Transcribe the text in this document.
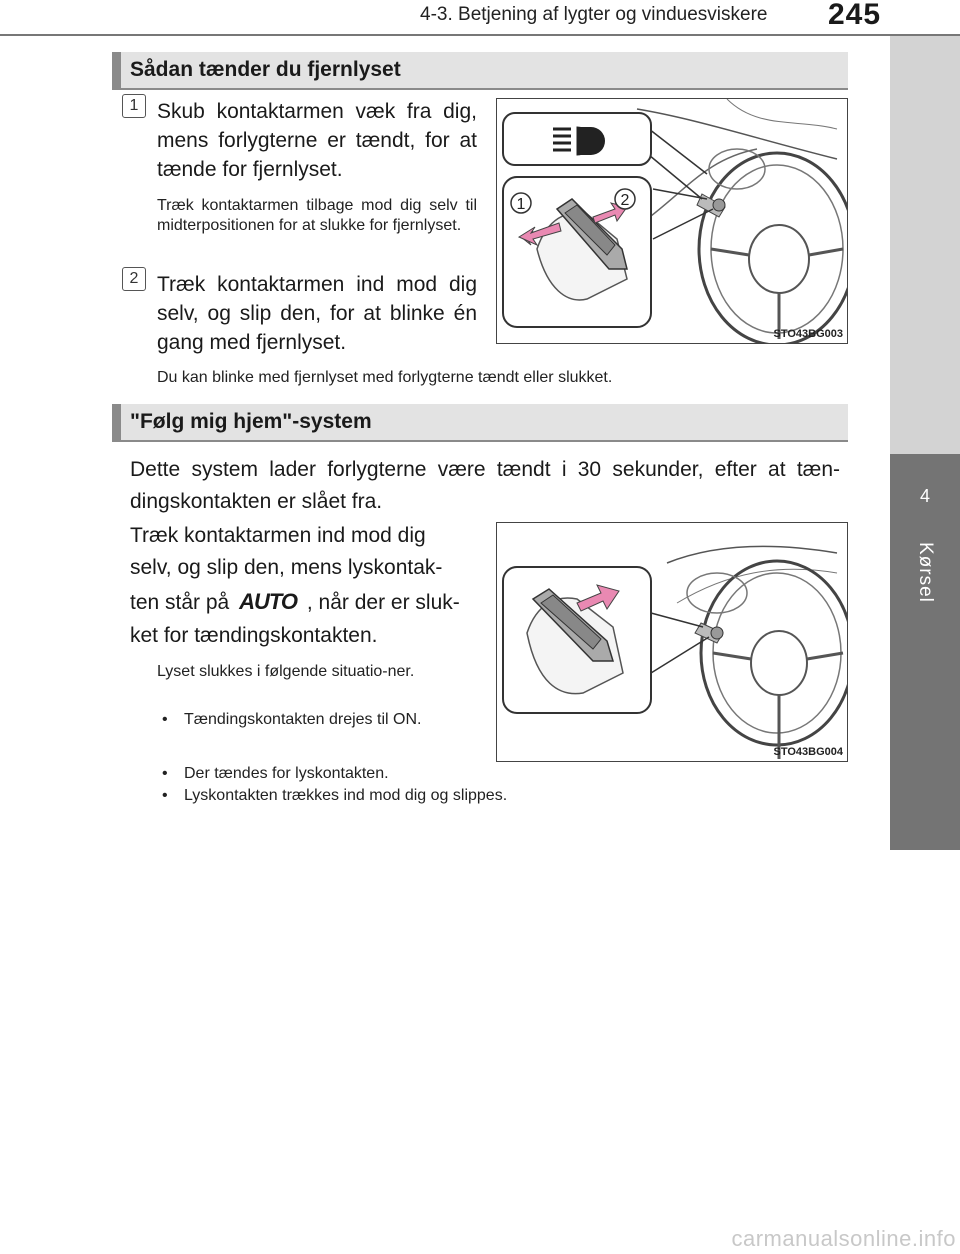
4-3. Betjening af lygter og vinduesviskere 245
4
Kørsel
Sådan tænder du fjernlyset
1 Skub kontaktarmen væk fra dig, mens forlygterne er tændt, for at tænde for fjernlyset.
Træk kontaktarmen tilbage mod dig selv til midterpositionen for at slukke for fjernlyset.
2 Træk kontaktarmen ind mod dig selv, og slip den, for at blinke én gang med fjernlyset.
Du kan blinke med fjernlyset med forlygterne tændt eller slukket.
1	2
STO43BG003
"Følg mig hjem"-system
Dette system lader forlygterne være tændt i 30 sekunder, efter at tæn-dingskontakten er slået fra.
Træk kontaktarmen ind mod dig
selv, og slip den, mens lyskontak-
ten står på AUTO , når der er sluk-
ket for tændingskontakten.
Lyset slukkes i følgende situatio-ner.
• Tændingskontakten drejes til ON.
• Der tændes for lyskontakten.
• Lyskontakten trækkes ind mod dig og slippes.
STO43BG004
carmanualsonline.info
